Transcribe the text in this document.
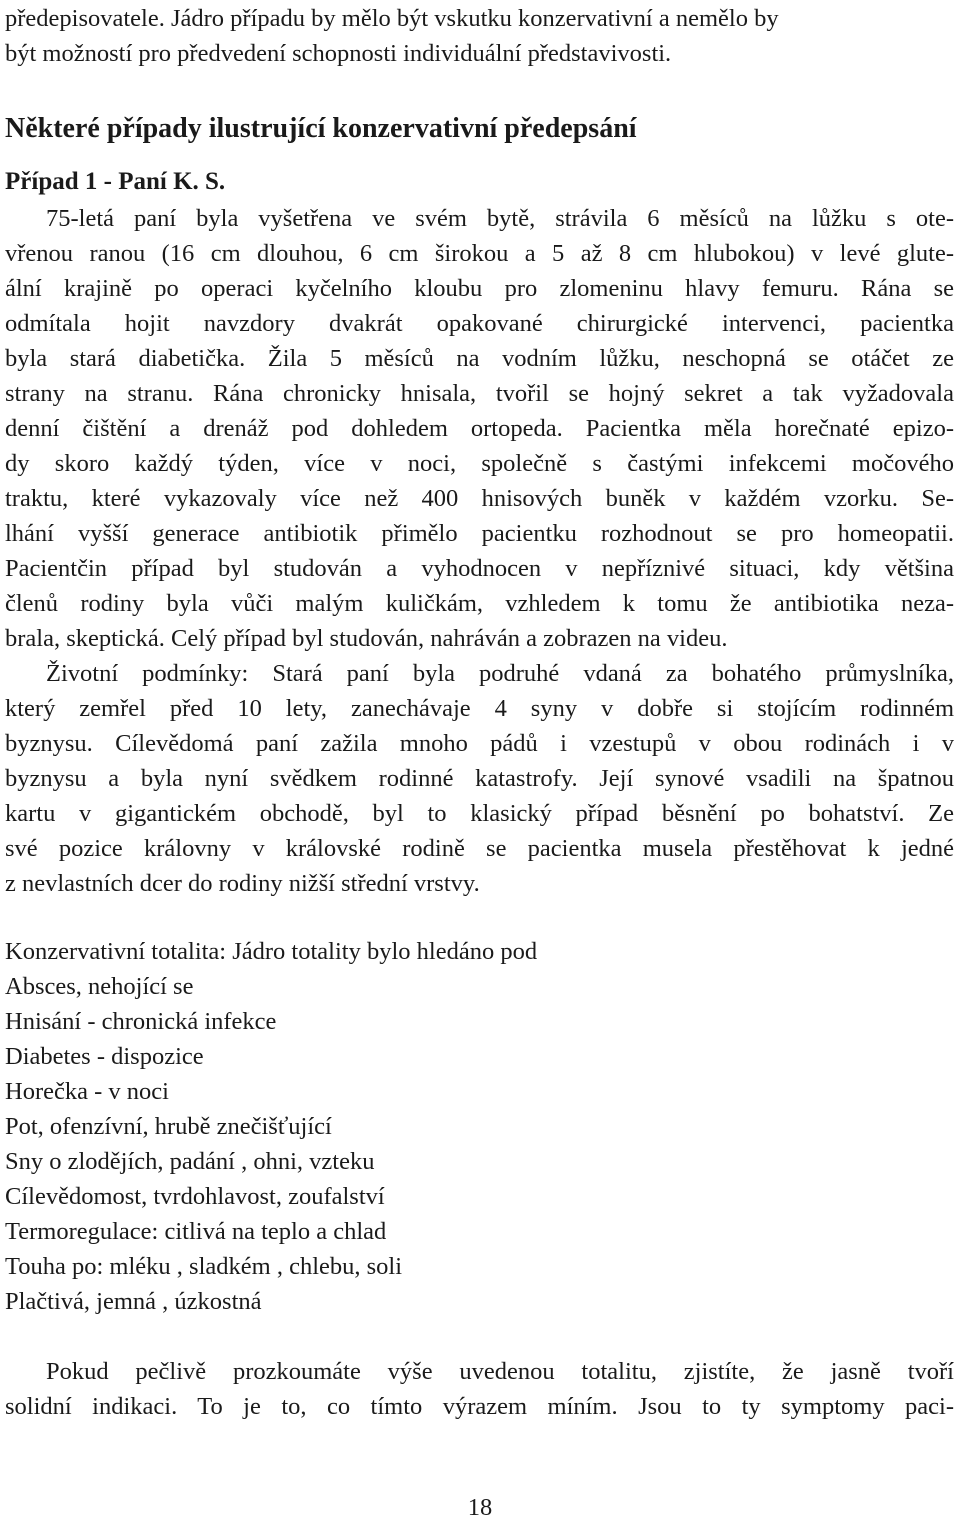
předepisovatele. Jádro případu by mělo být vskutku konzervativní a nemělo by
být možností pro předvedení schopnosti individuální představivosti.
Některé případy ilustrující konzervativní předepsání
Případ 1 - Paní K. S.
75-letá paní byla vyšetřena ve svém bytě, strávila 6 měsíců na lůžku s ote-
vřenou ranou (16 cm dlouhou, 6 cm širokou a 5 až 8 cm hlubokou) v levé glute-
ální krajině po operaci kyčelního kloubu pro zlomeninu hlavy femuru. Rána se
odmítala hojit navzdory dvakrát opakované chirurgické intervenci, pacientka
byla stará diabetička. Žila 5 měsíců na vodním lůžku, neschopná se otáčet ze
strany na stranu. Rána chronicky hnisala, tvořil se hojný sekret a tak vyžadovala
denní čištění a drenáž pod dohledem ortopeda. Pacientka měla horečnaté epizo-
dy skoro každý týden, více v noci, společně s častými infekcemi močového
traktu, které vykazovaly více než 400 hnisových buněk v každém vzorku. Se-
lhání vyšší generace antibiotik přimělo pacientku rozhodnout se pro homeopatii.
Pacientčin případ byl studován a vyhodnocen v nepříznivé situaci, kdy většina
členů rodiny byla vůči malým kuličkám, vzhledem k tomu že antibiotika neza-
brala, skeptická. Celý případ byl studován, nahráván a zobrazen na videu.
Životní podmínky: Stará paní byla podruhé vdaná za bohatého průmyslníka,
který zemřel před 10 lety, zanechávaje 4 syny v dobře si stojícím rodinném
byznysu. Cílevědomá paní zažila mnoho pádů i vzestupů v obou rodinách i v
byznysu a byla nyní svědkem rodinné katastrofy. Její synové vsadili na špatnou
kartu v gigantickém obchodě, byl to klasický případ běsnění po bohatství. Ze
své pozice královny v královské rodině se pacientka musela přestěhovat k jedné
z nevlastních dcer do rodiny nižší střední vrstvy.
Konzervativní totalita: Jádro totality bylo hledáno pod
Absces, nehojící se
Hnisání - chronická infekce
Diabetes - dispozice
Horečka - v noci
Pot, ofenzívní, hrubě znečišťující
Sny o zlodějích, padání , ohni, vzteku
Cílevědomost, tvrdohlavost, zoufalství
Termoregulace: citlivá na teplo a chlad
Touha po: mléku , sladkém , chlebu, soli
Plačtivá, jemná , úzkostná
Pokud pečlivě prozkoumáte výše uvedenou totalitu, zjistíte, že jasně tvoří
solidní indikaci. To je to, co tímto výrazem míním. Jsou to ty symptomy paci-
18
